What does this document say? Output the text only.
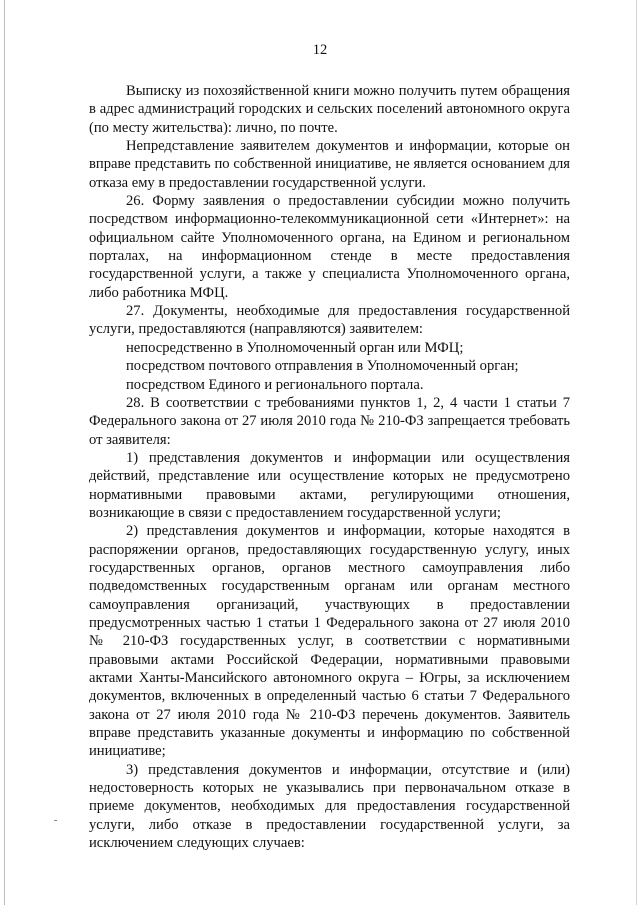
12

Выписку из похозяйственной книги можно получить путем обращения в адрес администраций городских и сельских поселений автономного округа (по месту жительства): лично, по почте.

Непредставление заявителем документов и информации, которые он вправе представить по собственной инициативе, не является основанием для отказа ему в предоставлении государственной услуги.

26. Форму заявления о предоставлении субсидии можно получить посредством информационно-телекоммуникационной сети «Интернет»: на официальном сайте Уполномоченного органа, на Едином и региональном порталах, на информационном стенде в месте предоставления государственной услуги, а также у специалиста Уполномоченного органа, либо работника МФЦ.

27. Документы, необходимые для предоставления государственной услуги, предоставляются (направляются) заявителем:

непосредственно в Уполномоченный орган или МФЦ;

посредством почтового отправления в Уполномоченный орган;

посредством Единого и регионального портала.

28. В соответствии с требованиями пунктов 1, 2, 4 части 1 статьи 7 Федерального закона от 27 июля 2010 года № 210-ФЗ запрещается требовать от заявителя:

1) представления документов и информации или осуществления действий, представление или осуществление которых не предусмотрено нормативными правовыми актами, регулирующими отношения, возникающие в связи с предоставлением государственной услуги;

2) представления документов и информации, которые находятся в распоряжении органов, предоставляющих государственную услугу, иных государственных органов, органов местного самоуправления либо подведомственных государственным органам или органам местного самоуправления организаций, участвующих в предоставлении предусмотренных частью 1 статьи 1 Федерального закона от 27 июля 2010 № 210-ФЗ государственных услуг, в соответствии с нормативными правовыми актами Российской Федерации, нормативными правовыми актами Ханты-Мансийского автономного округа – Югры, за исключением документов, включенных в определенный частью 6 статьи 7 Федерального закона от 27 июля 2010 года № 210-ФЗ перечень документов. Заявитель вправе представить указанные документы и информацию по собственной инициативе;

3) представления документов и информации, отсутствие и (или) недостоверность которых не указывались при первоначальном отказе в приеме документов, необходимых для предоставления государственной услуги, либо отказе в предоставлении государственной услуги, за исключением следующих случаев:
